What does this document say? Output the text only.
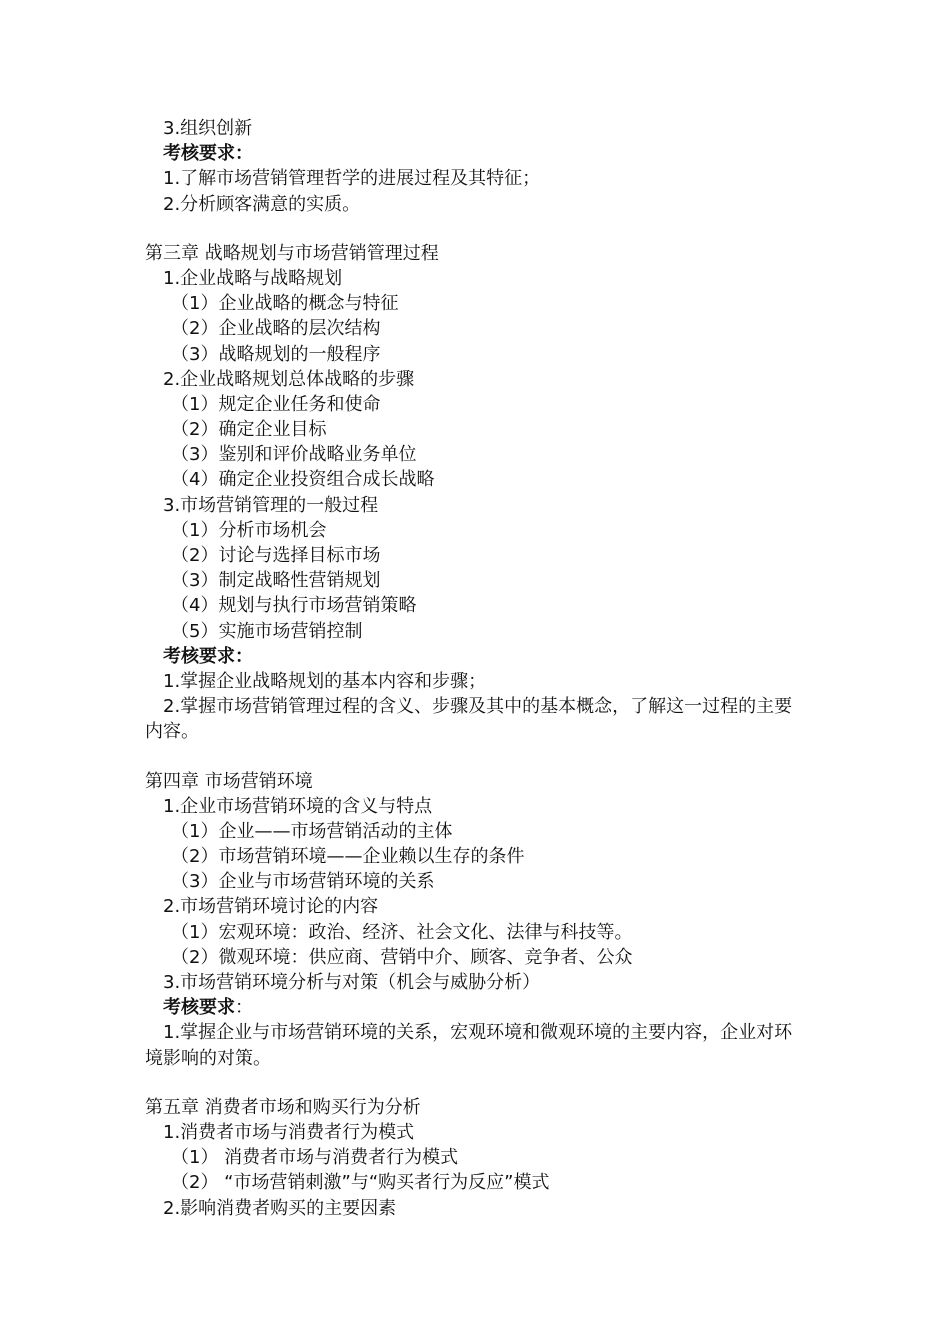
3.组织创新
考核要求：
1.了解市场营销管理哲学的进展过程及其特征；
2.分析顾客满意的实质。
第三章 战略规划与市场营销管理过程
1.企业战略与战略规划
（1）企业战略的概念与特征
（2）企业战略的层次结构
（3）战略规划的一般程序
2.企业战略规划总体战略的步骤
（1）规定企业任务和使命
（2）确定企业目标
（3）鉴别和评价战略业务单位
（4）确定企业投资组合成长战略
3.市场营销管理的一般过程
（1）分析市场机会
（2）讨论与选择目标市场
（3）制定战略性营销规划
（4）规划与执行市场营销策略
（5）实施市场营销控制
考核要求：
1.掌握企业战略规划的基本内容和步骤；
2.掌握市场营销管理过程的含义、步骤及其中的基本概念，了解这一过程的主要内容。
第四章 市场营销环境
1.企业市场营销环境的含义与特点
（1）企业——市场营销活动的主体
（2）市场营销环境——企业赖以生存的条件
（3）企业与市场营销环境的关系
2.市场营销环境讨论的内容
（1）宏观环境：政治、经济、社会文化、法律与科技等。
（2）微观环境：供应商、营销中介、顾客、竞争者、公众
3.市场营销环境分析与对策（机会与威胁分析）
考核要求：
1.掌握企业与市场营销环境的关系，宏观环境和微观环境的主要内容，企业对环境影响的对策。
第五章 消费者市场和购买行为分析
1.消费者市场与消费者行为模式
（1） 消费者市场与消费者行为模式
（2） “市场营销刺激”与“购买者行为反应”模式
2.影响消费者购买的主要因素
